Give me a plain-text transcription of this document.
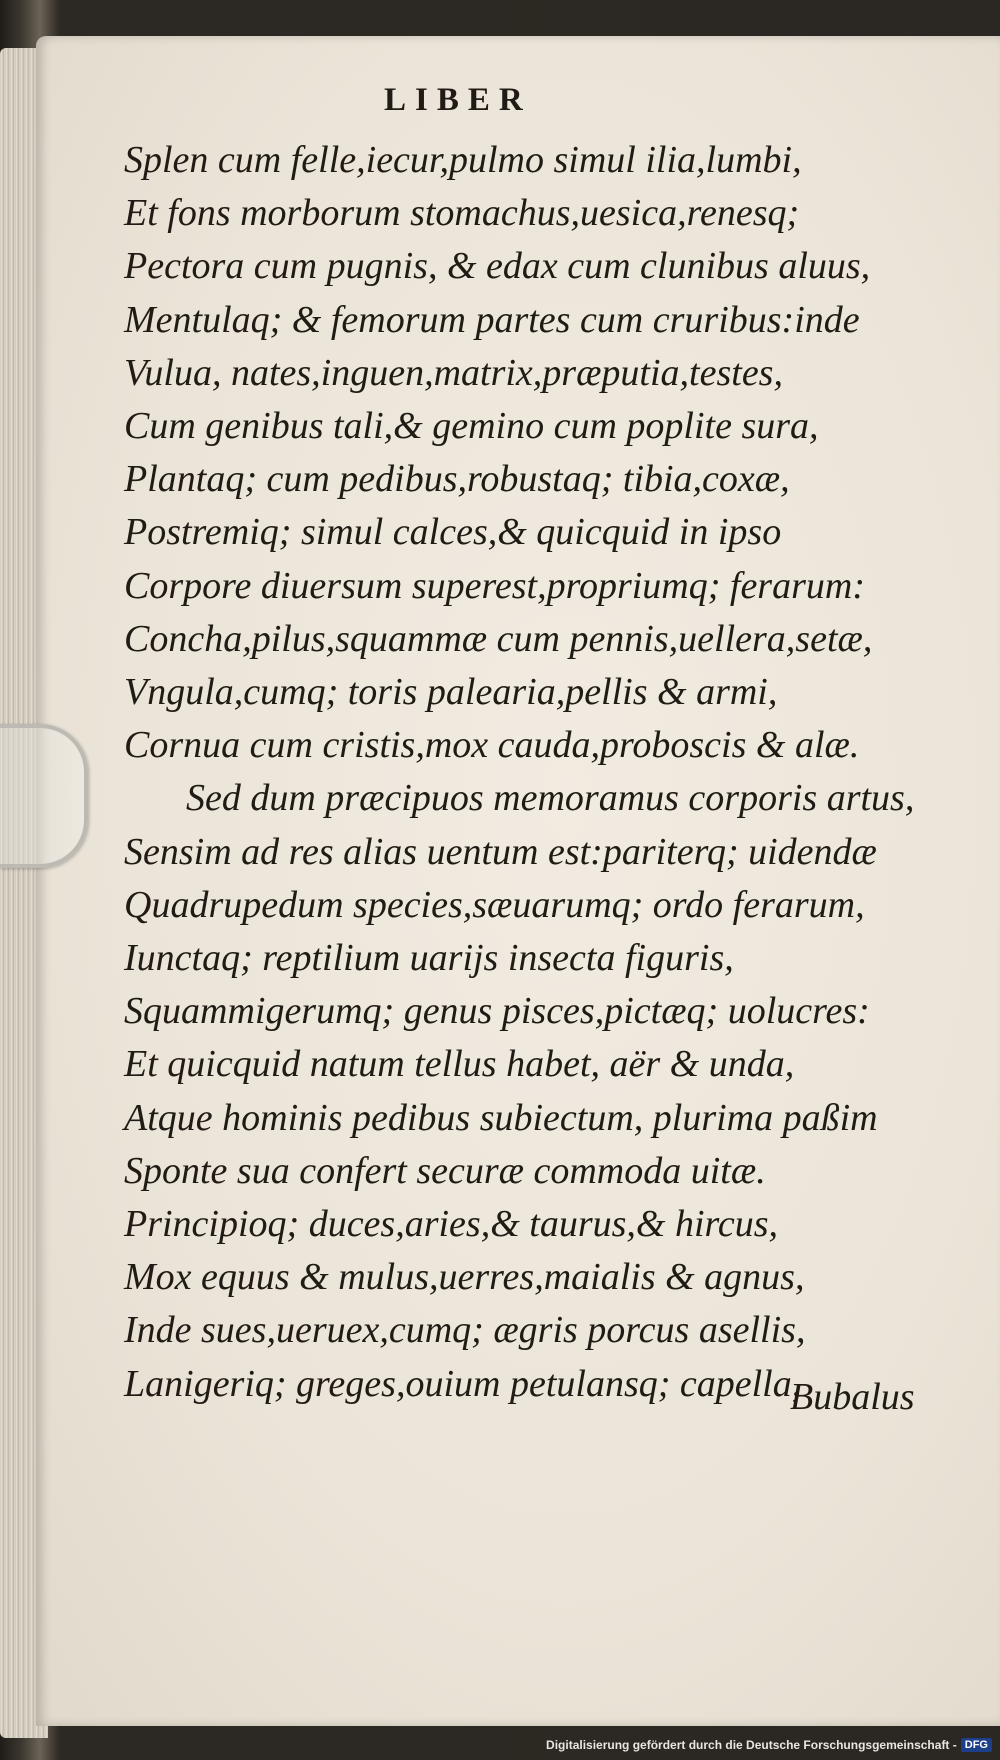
LIBER
Splen cum felle,iecur,pulmo simul ilia,lumbi,
Et fons morborum stomachus,uesica,renesq;
Pectora cum pugnis, & edax cum clunibus aluus,
Mentulaq; & femorum partes cum cruribus:inde
Vulua, nates,inguen,matrix,præputia,testes,
Cum genibus tali,& gemino cum poplite sura,
Plantaq; cum pedibus,robustaq; tibia,coxæ,
Postremiq; simul calces,& quicquid in ipso
Corpore diuersum superest,propriumq; ferarum:
Concha,pilus,squammæ cum pennis,uellera,setæ,
Vngula,cumq; toris palearia,pellis & armi,
Cornua cum cristis,mox cauda,proboscis & alæ.
Sed dum præcipuos memoramus corporis artus,
Sensim ad res alias uentum est:pariterq; uidendæ
Quadrupedum species,sæuarumq; ordo ferarum,
Iunctaq; reptilium uarijs insecta figuris,
Squammigerumq; genus pisces,pictæq; uolucres:
Et quicquid natum tellus habet, aër & unda,
Atque hominis pedibus subiectum, plurima paßim
Sponte sua confert securæ commoda uitæ.
Principioq; duces,aries,& taurus,& hircus,
Mox equus & mulus,uerres,maialis & agnus,
Inde sues,ueruex,cumq; ægris porcus asellis,
Lanigeriq; greges,ouium petulansq; capella,
Bubalus
Digitalisierung gefördert durch die Deutsche Forschungsgemeinschaft - DFG
